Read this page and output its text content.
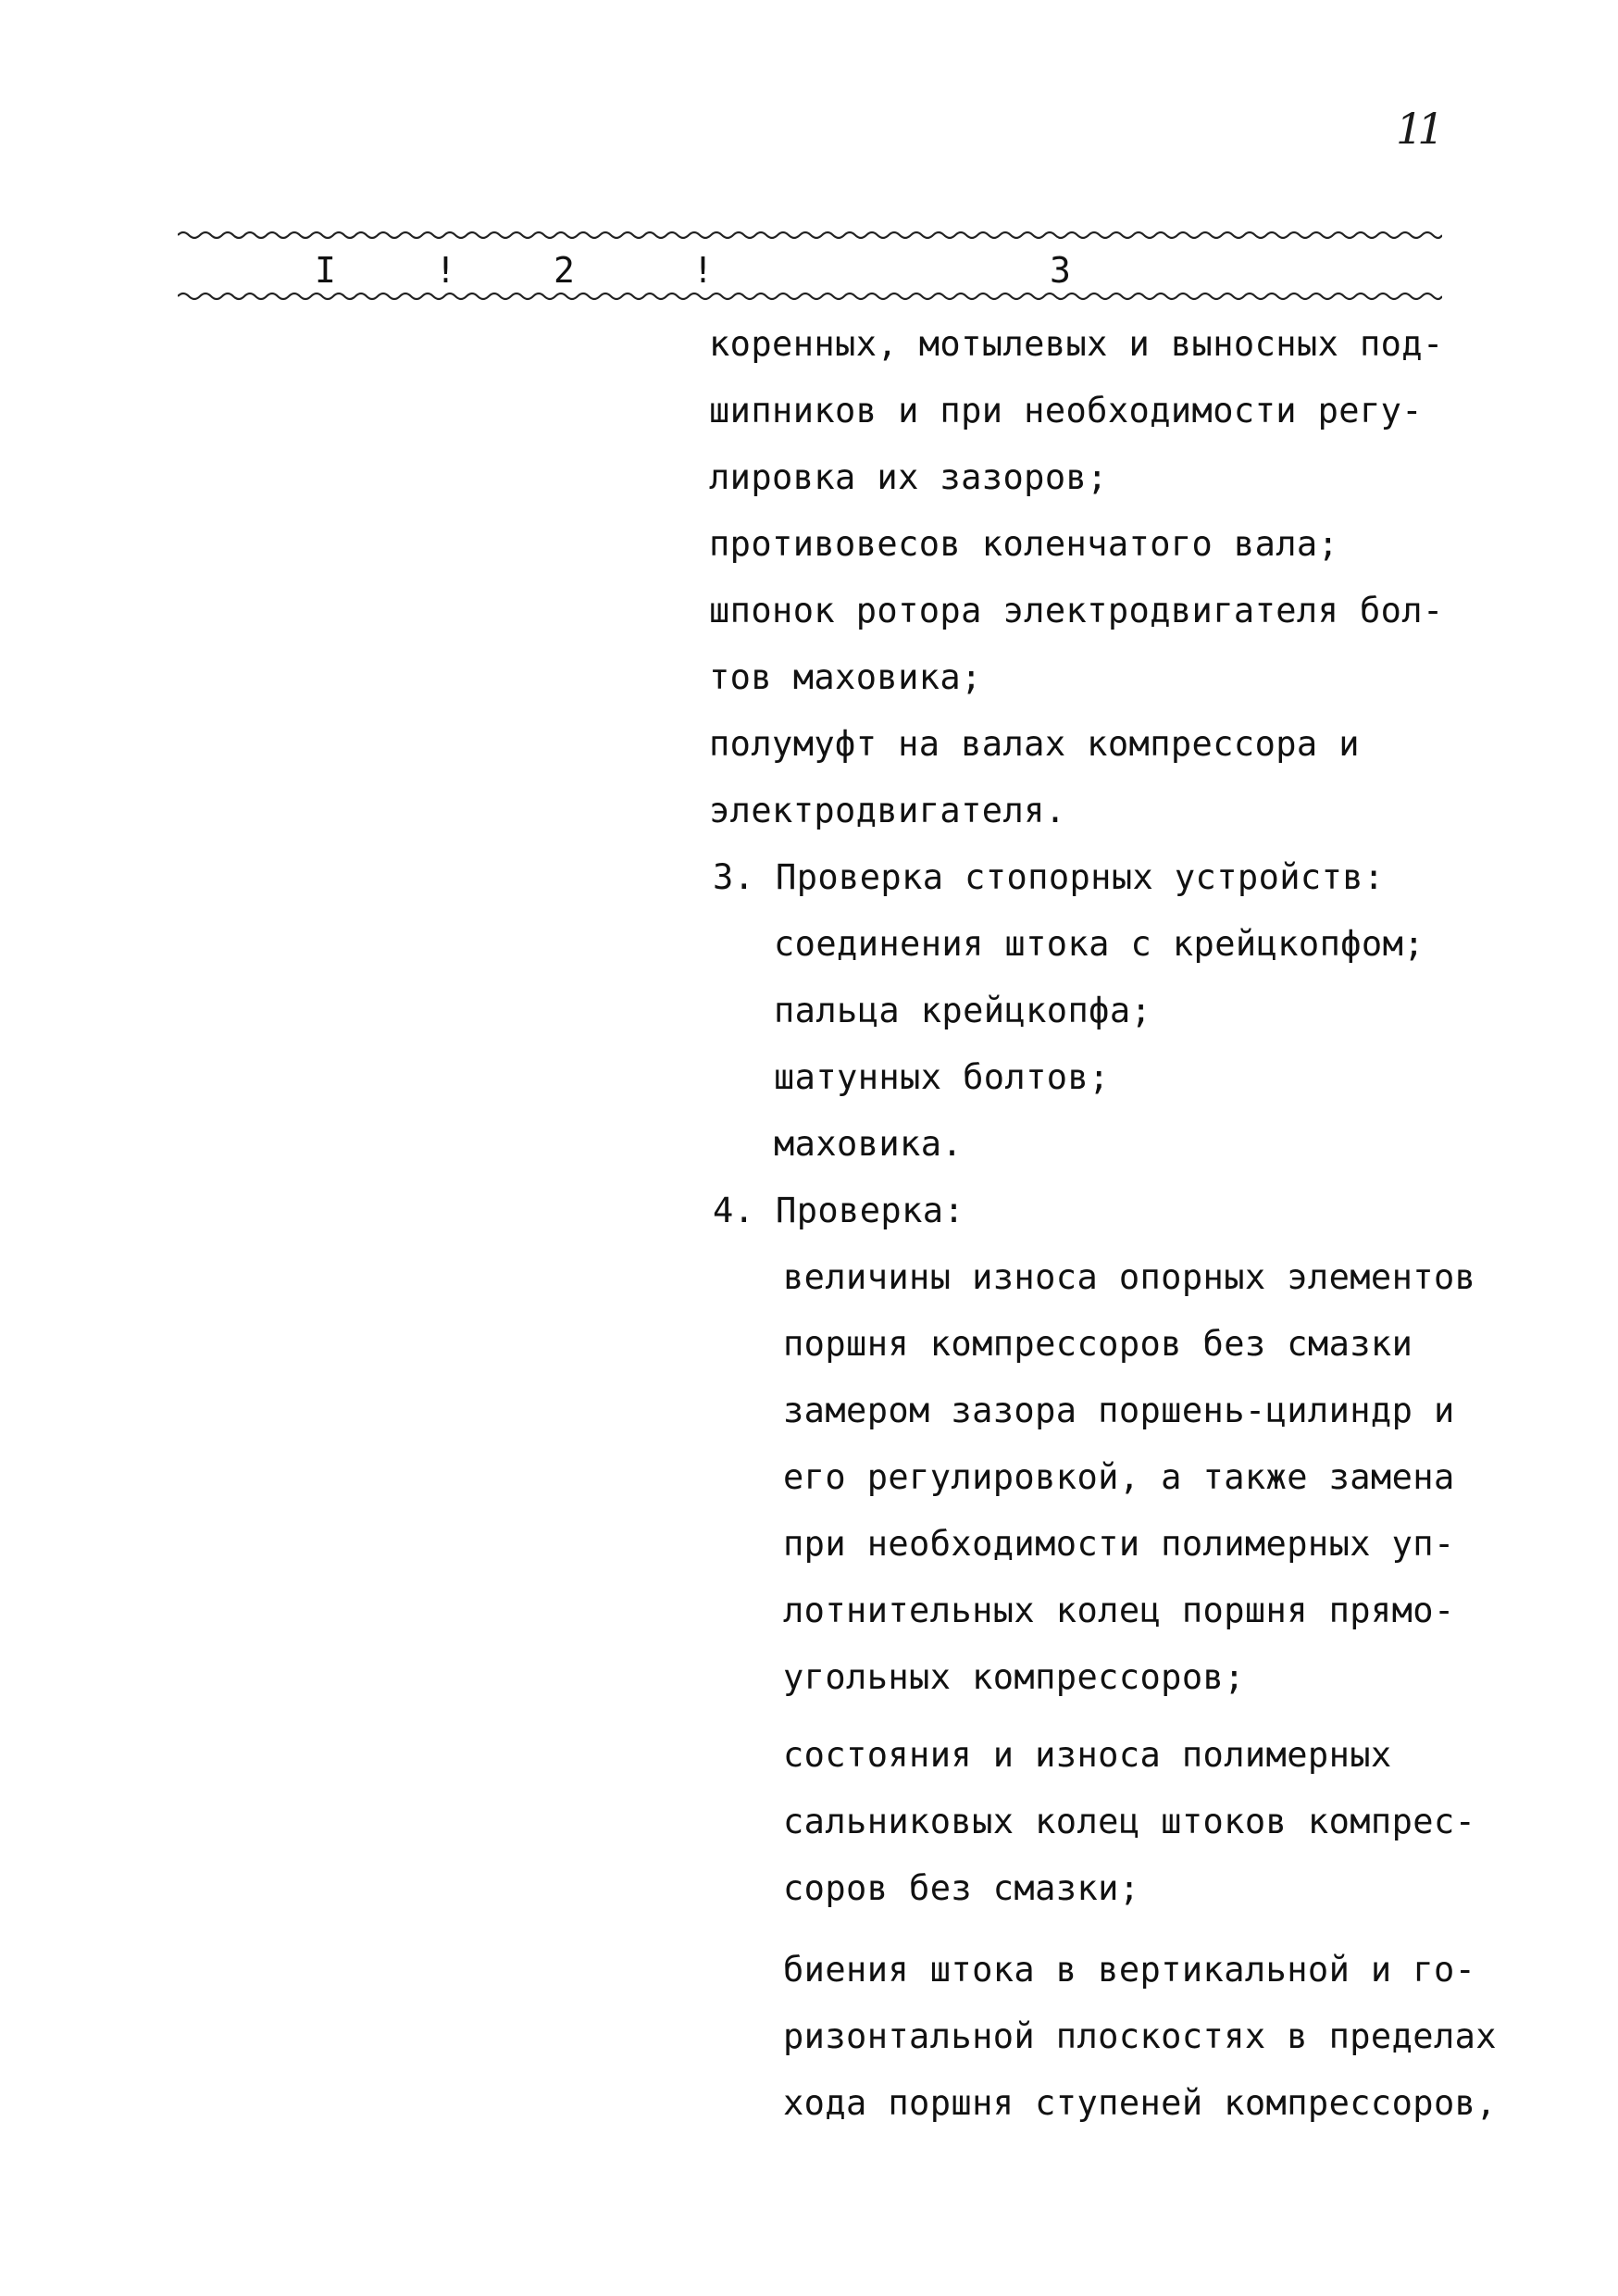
11
I	!	2	!	3
коренных, мотылевых и выносных под-
шипников и при необходимости регу-
лировка их зазоров;
противовесов коленчатого вала;
шпонок ротора электродвигателя бол-
тов маховика;
полумуфт на валах компрессора и
электродвигателя.
3. Проверка стопорных устройств:
соединения штока с крейцкопфом;
пальца крейцкопфа;
шатунных болтов;
маховика.
4. Проверка:
величины износа опорных элементов
поршня компрессоров без смазки
замером зазора поршень-цилиндр и
его регулировкой, а также замена
при необходимости полимерных уп-
лотнительных колец поршня прямо-
угольных компрессоров;
состояния и износа полимерных
сальниковых колец штоков компрес-
соров без смазки;
биения штока в вертикальной и го-
ризонтальной плоскостях в пределах
хода поршня ступеней компрессоров,
